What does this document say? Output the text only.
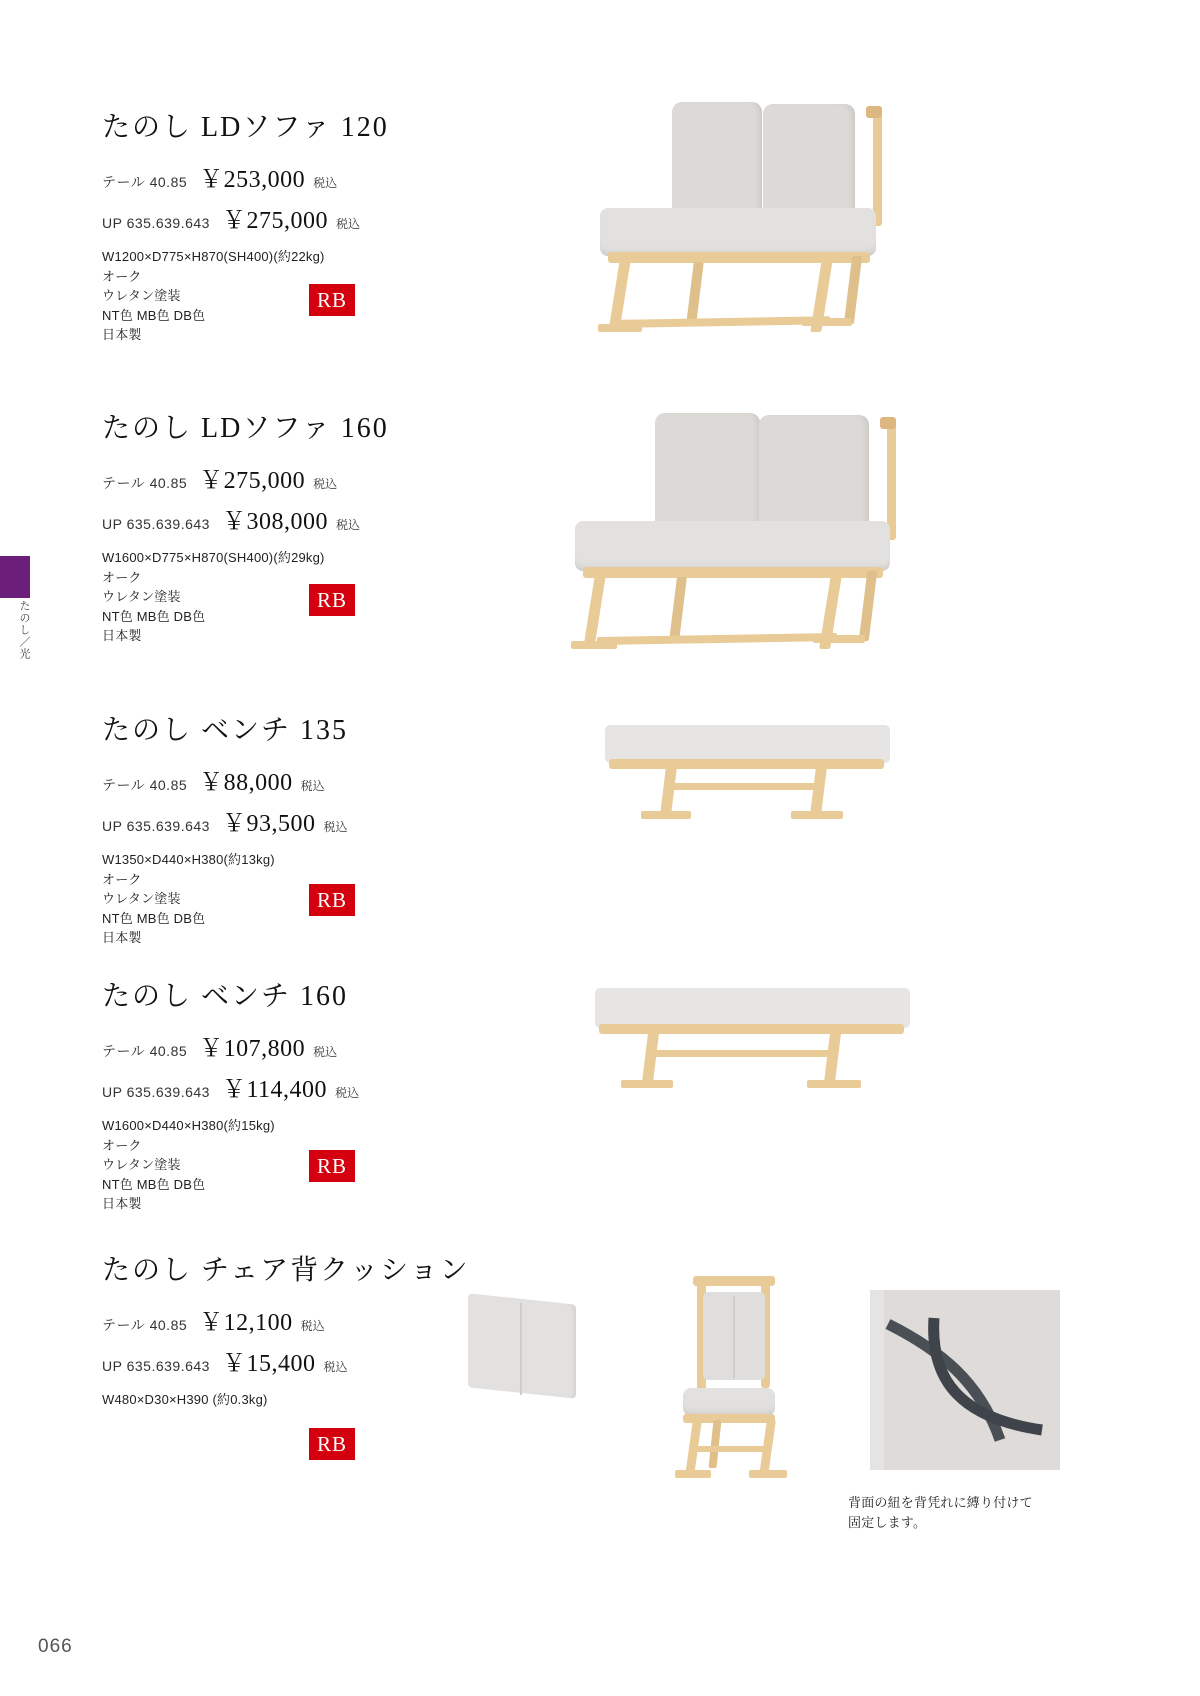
たのし／光
066
たのし LDソファ 120
テール 40.85 ￥253,000 税込
UP 635.639.643 ￥275,000 税込
W1200×D775×H870(SH400)(約22kg)
オーク
ウレタン塗装
NT色 MB色 DB色
日本製
RB
たのし LDソファ 160
テール 40.85 ￥275,000 税込
UP 635.639.643 ￥308,000 税込
W1600×D775×H870(SH400)(約29kg)
オーク
ウレタン塗装
NT色 MB色 DB色
日本製
RB
たのし ベンチ 135
テール 40.85 ￥88,000 税込
UP 635.639.643 ￥93,500 税込
W1350×D440×H380(約13kg)
オーク
ウレタン塗装
NT色 MB色 DB色
日本製
RB
たのし ベンチ 160
テール 40.85 ￥107,800 税込
UP 635.639.643 ￥114,400 税込
W1600×D440×H380(約15kg)
オーク
ウレタン塗装
NT色 MB色 DB色
日本製
RB
たのし チェア背クッション
テール 40.85 ￥12,100 税込
UP 635.639.643 ￥15,400 税込
W480×D30×H390 (約0.3kg)
RB
背面の紐を背凭れに縛り付けて
固定します。
